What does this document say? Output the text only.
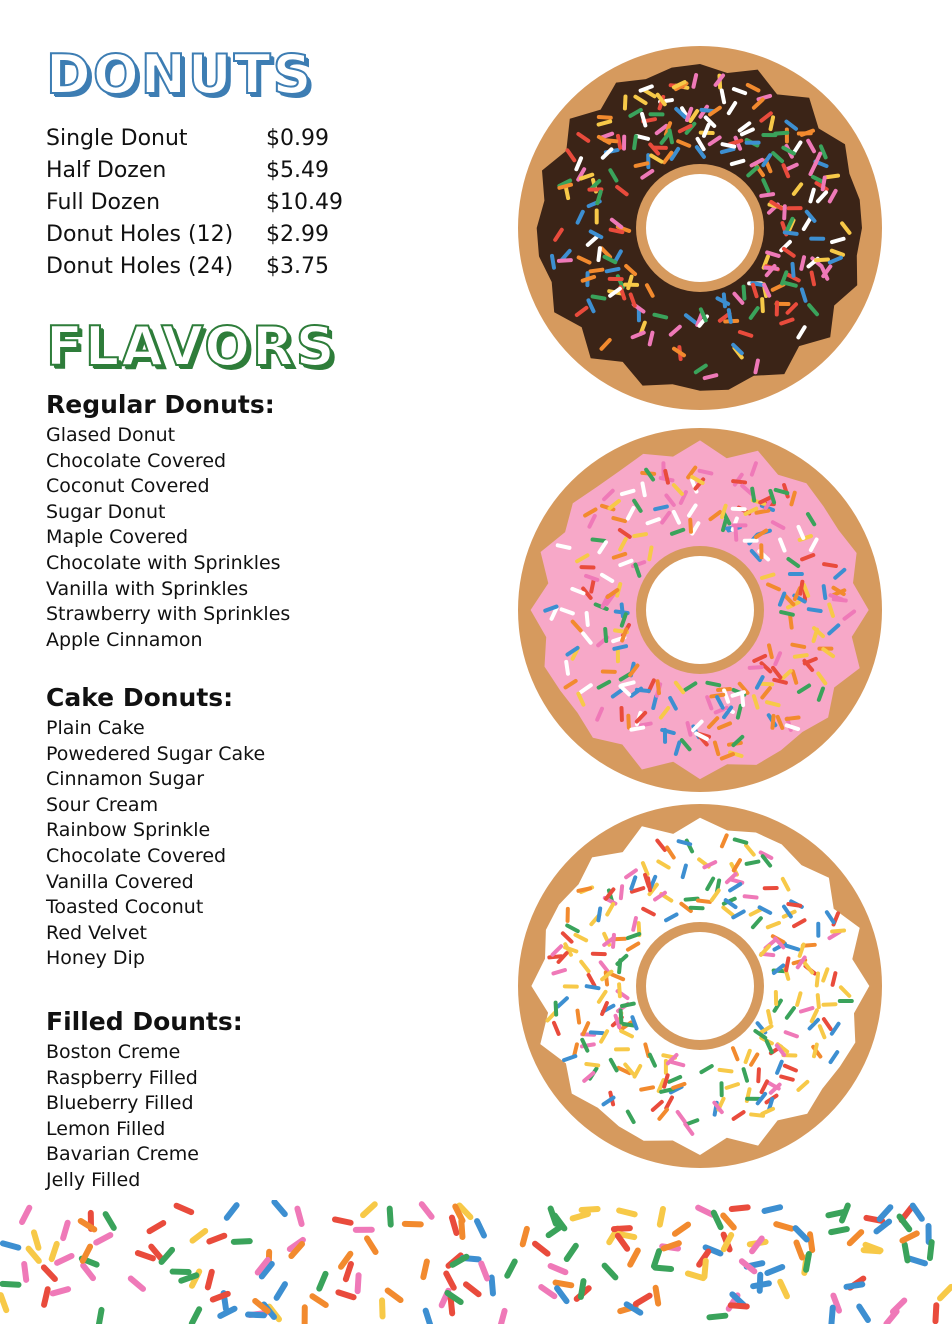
DONUTS
Single Donut	$0.99
Half Dozen	$5.49
Full Dozen	$10.49
Donut Holes (12)	$2.99
Donut Holes (24)	$3.75
FLAVORS
Regular Donuts:
Glased Donut
Chocolate Covered
Coconut Covered
Sugar Donut
Maple Covered
Chocolate with Sprinkles
Vanilla with Sprinkles
Strawberry with Sprinkles
Apple Cinnamon
Cake Donuts:
Plain Cake
Powedered Sugar Cake
Cinnamon Sugar
Sour Cream
Rainbow Sprinkle
Chocolate Covered
Vanilla Covered
Toasted Coconut
Red Velvet
Honey Dip
Filled Dounts:
Boston Creme
Raspberry Filled
Blueberry Filled
Lemon Filled
Bavarian Creme
Jelly Filled
